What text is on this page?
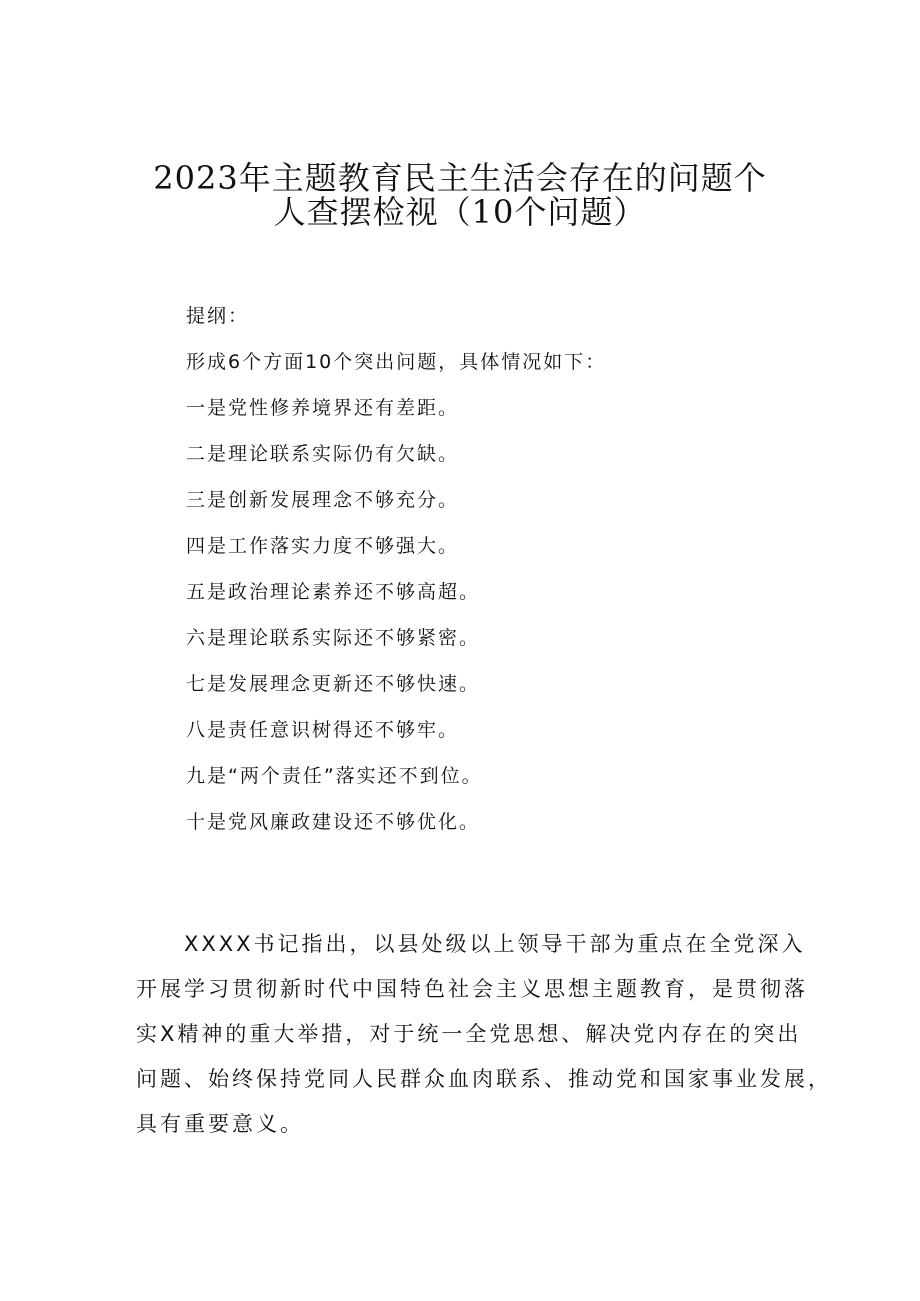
2023年主题教育民主生活会存在的问题个
人查摆检视（10个问题）
提纲：
形成6个方面10个突出问题，具体情况如下：
一是党性修养境界还有差距。
二是理论联系实际仍有欠缺。
三是创新发展理念不够充分。
四是工作落实力度不够强大。
五是政治理论素养还不够高超。
六是理论联系实际还不够紧密。
七是发展理念更新还不够快速。
八是责任意识树得还不够牢。
九是“两个责任”落实还不到位。
十是党风廉政建设还不够优化。
XXXX书记指出，以县处级以上领导干部为重点在全党深入
开展学习贯彻新时代中国特色社会主义思想主题教育，是贯彻落
实X精神的重大举措，对于统一全党思想、解决党内存在的突出
问题、始终保持党同人民群众血肉联系、推动党和国家事业发展，
具有重要意义。
